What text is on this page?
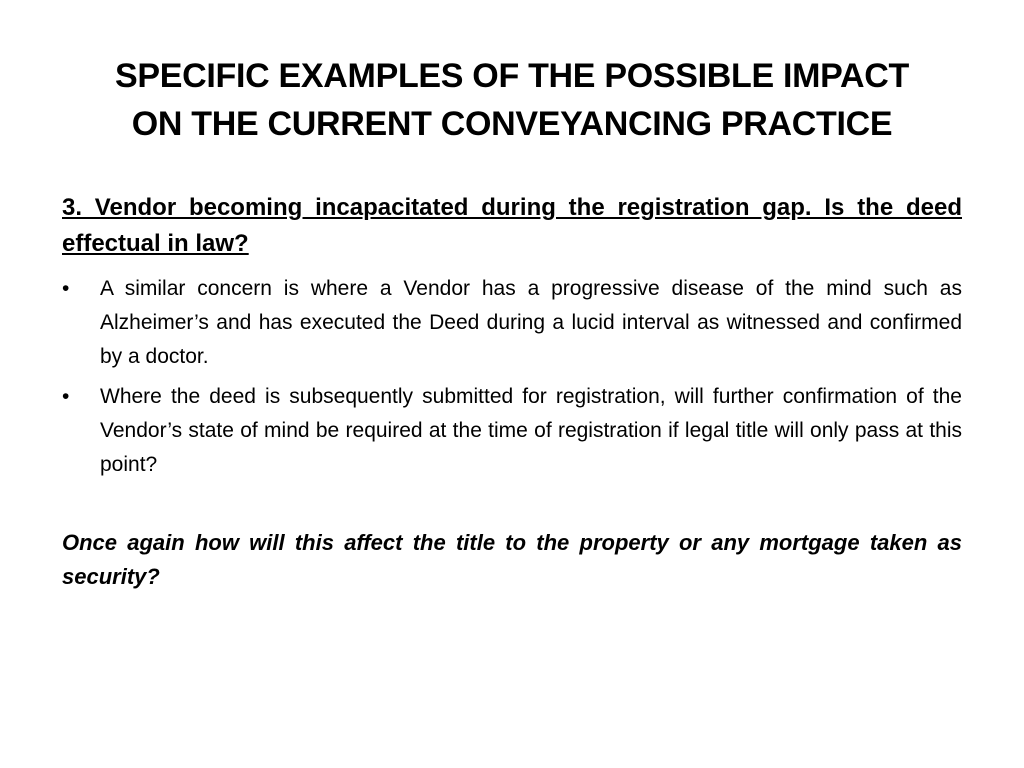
SPECIFIC EXAMPLES OF THE POSSIBLE IMPACT
ON THE CURRENT CONVEYANCING PRACTICE
3. Vendor becoming incapacitated during the registration gap. Is the deed effectual in law?
• A similar concern is where a Vendor has a progressive disease of the mind such as Alzheimer’s and has executed the Deed during a lucid interval as witnessed and confirmed by a doctor.
• Where the deed is subsequently submitted for registration, will further confirmation of the Vendor’s state of mind be required at the time of registration if legal title will only pass at this point?
Once again how will this affect the title to the property or any mortgage taken as security?
